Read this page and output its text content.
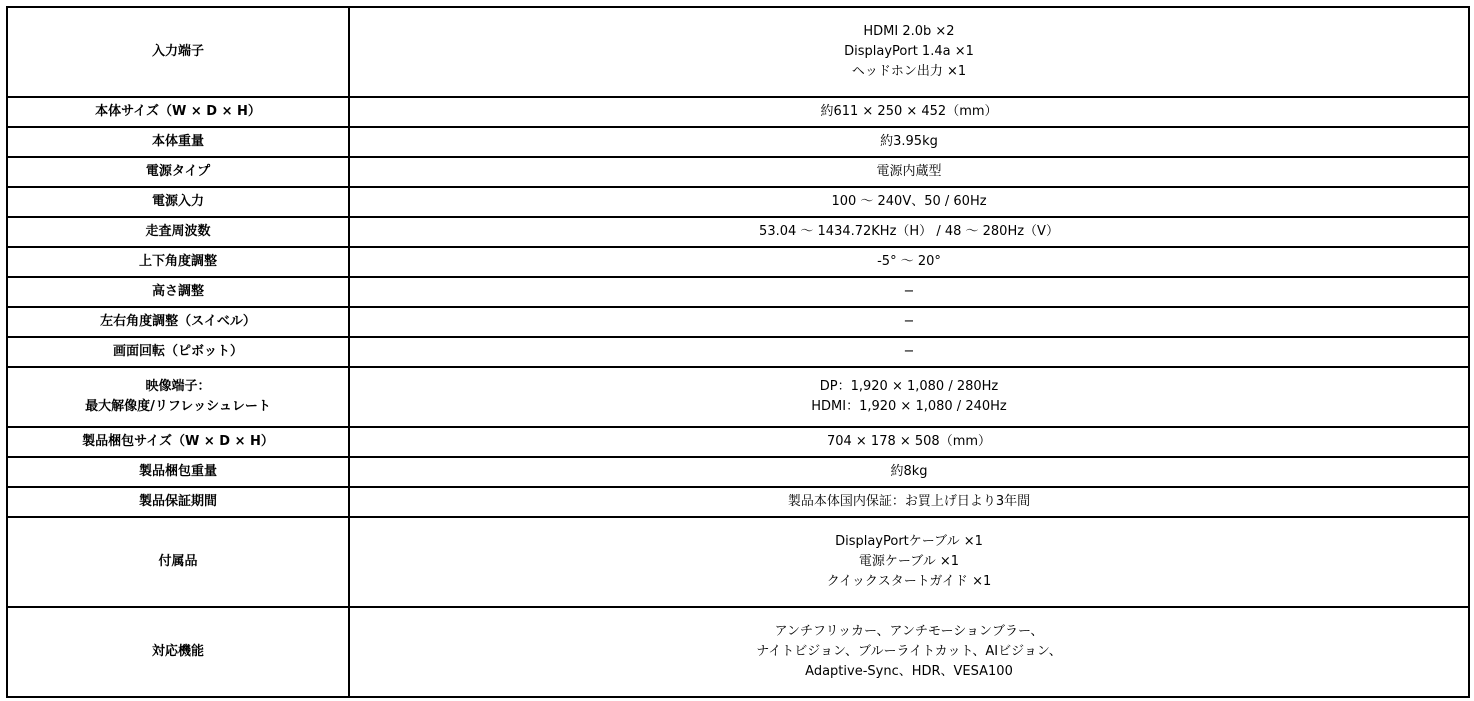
入力端子	HDMI 2.0b ×2
DisplayPort 1.4a ×1
ヘッドホン出力 ×1

本体サイズ（W × D × H）	約611 × 250 × 452（mm）

本体重量	約3.95kg

電源タイプ	電源内蔵型

電源入力	100 ～ 240V、50 / 60Hz

走査周波数	53.04 ～ 1434.72KHz（H） / 48 ～ 280Hz（V）

上下角度調整	-5° ～ 20°

高さ調整	−

左右角度調整（スイベル）	−

画面回転（ピボット）	−

映像端子：
最大解像度/リフレッシュレート	DP：1,920 × 1,080 / 280Hz
HDMI：1,920 × 1,080 / 240Hz

製品梱包サイズ（W × D × H）	704 × 178 × 508（mm）

製品梱包重量	約8kg

製品保証期間	製品本体国内保証：お買上げ日より3年間

付属品	DisplayPortケーブル ×1
電源ケーブル ×1
クイックスタートガイド ×1

対応機能	アンチフリッカー、アンチモーションブラー、
ナイトビジョン、ブルーライトカット、AIビジョン、
Adaptive-Sync、HDR、VESA100
